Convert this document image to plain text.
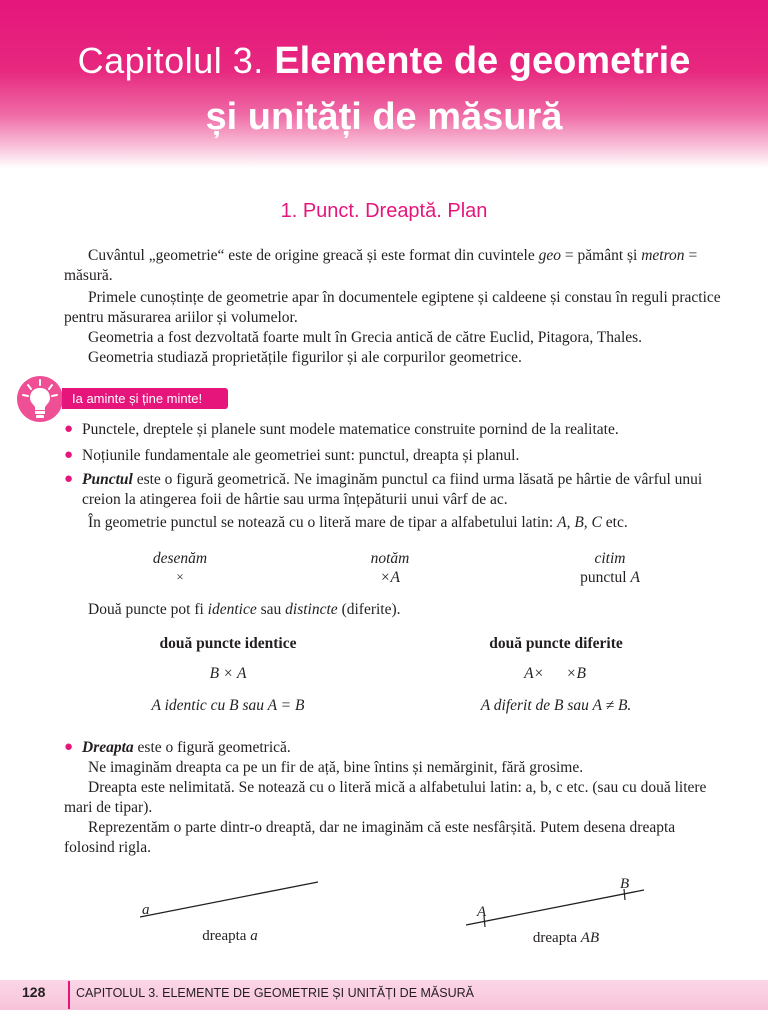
Capitolul 3. Elemente de geometrie
și unități de măsură
1. Punct. Dreaptă. Plan
Cuvântul „geometrie“ este de origine greacă și este format din cuvintele geo = pământ și metron = măsură.
Primele cunoștințe de geometrie apar în documentele egiptene și caldeene și constau în reguli practice pentru măsurarea ariilor și volumelor.
Geometria a fost dezvoltată foarte mult în Grecia antică de către Euclid, Pitagora, Thales.
Geometria studiază proprietățile figurilor și ale corpurilor geometrice.
Ia aminte și ține minte!
● Punctele, dreptele și planele sunt modele matematice construite pornind de la realitate.
● Noțiunile fundamentale ale geometriei sunt: punctul, dreapta și planul.
● Punctul este o figură geometrică. Ne imaginăm punctul ca fiind urma lăsată pe hârtie de vârful unui creion la atingerea foii de hârtie sau urma înțepăturii unui vârf de ac.
În geometrie punctul se notează cu o literă mare de tipar a alfabetului latin: A, B, C etc.
desenăm	notăm	citim
×	×A	punctul A
Două puncte pot fi identice sau distincte (diferite).
două puncte identice	două puncte diferite
B × A	A× ×B
A identic cu B sau A = B	A diferit de B sau A ≠ B.
● Dreapta este o figură geometrică.
Ne imaginăm dreapta ca pe un fir de ață, bine întins și nemărginit, fără grosime.
Dreapta este nelimitată. Se notează cu o literă mică a alfabetului latin: a, b, c etc. (sau cu două litere mari de tipar).
Reprezentăm o parte dintr-o dreaptă, dar ne imaginăm că este nesfârșită. Putem desena dreapta folosind rigla.
a
dreapta a
A
B
dreapta AB
128 CAPITOLUL 3. ELEMENTE DE GEOMETRIE ȘI UNITĂȚI DE MĂSURĂ
